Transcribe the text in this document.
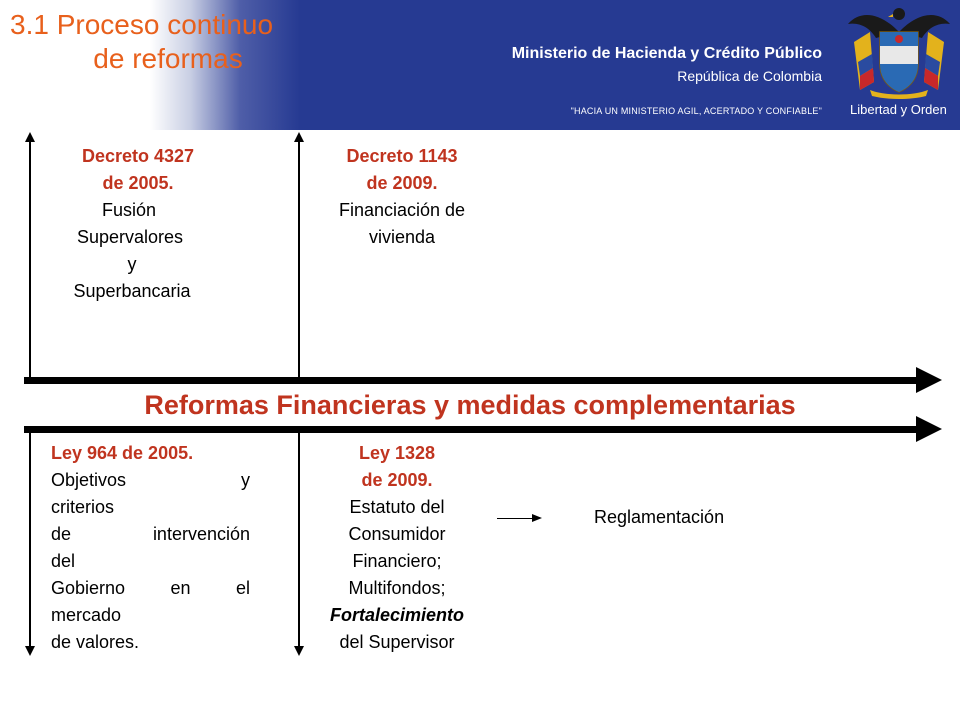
3.1 Proceso continuo
de reformas	Ministerio de Hacienda y Crédito Público
República de Colombia
"HACIA UN MINISTERIO AGIL, ACERTADO Y CONFIABLE" Libertad y Orden
Reformas Financieras y medidas complementarias
Decreto 4327
de 2005.
Fusión
Supervalores
y
Superbancaria
Decreto 1143
de 2009.
Financiación de
vivienda
Ley 964 de 2005.
Objetivos	y
criterios
de	intervención
del
Gobierno	en	el
mercado
de valores.
Ley 1328
de 2009.
Estatuto del
Consumidor
Financiero;
Multifondos;
Fortalecimiento
del Supervisor
Reglamentación
